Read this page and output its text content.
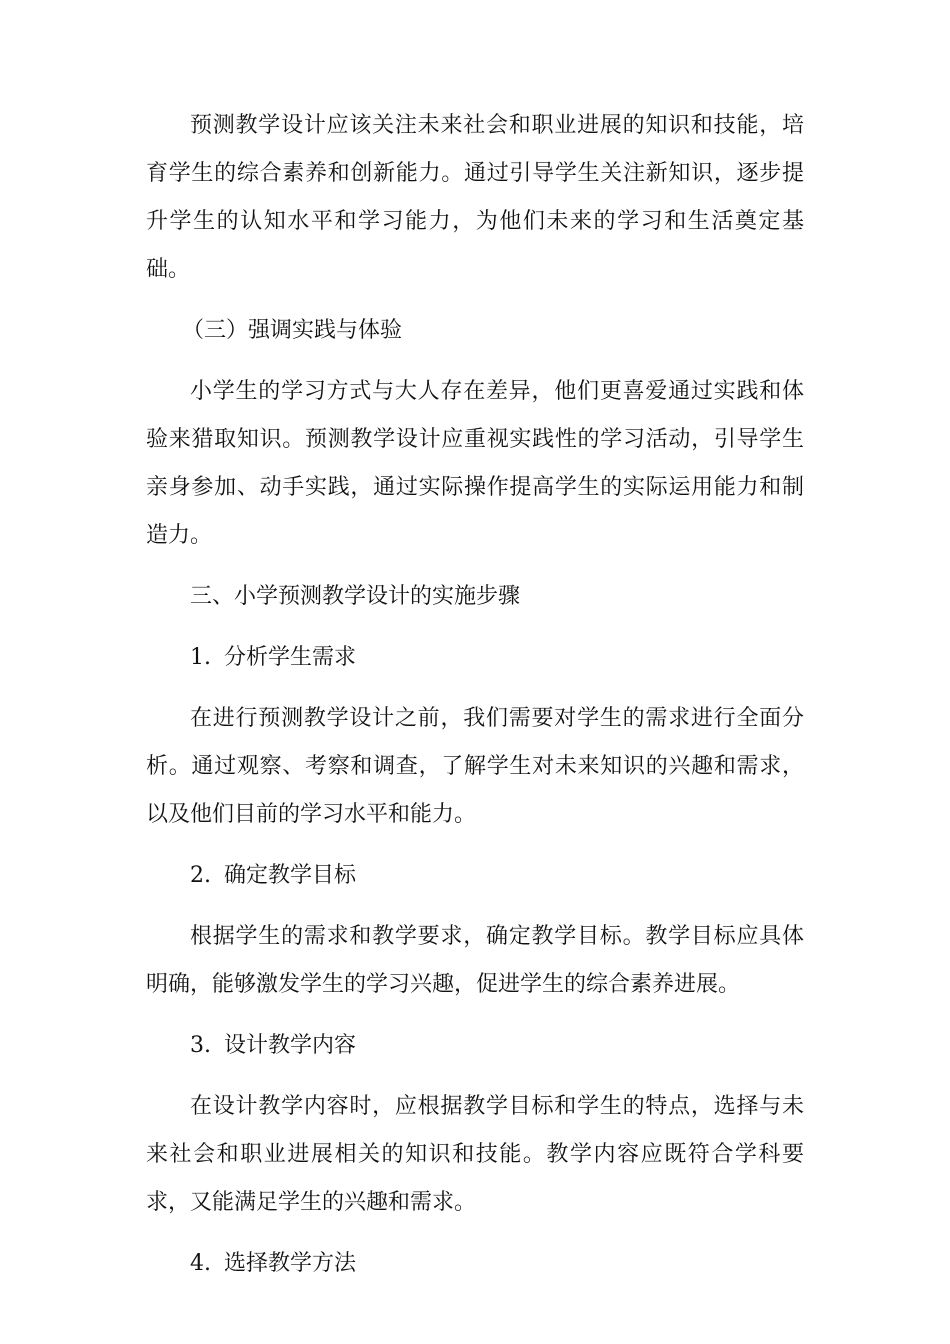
预测教学设计应该关注未来社会和职业进展的知识和技能，培育学生的综合素养和创新能力。通过引导学生关注新知识，逐步提升学生的认知水平和学习能力，为他们未来的学习和生活奠定基础。

（三）强调实践与体验

小学生的学习方式与大人存在差异，他们更喜爱通过实践和体验来猎取知识。预测教学设计应重视实践性的学习活动，引导学生亲身参加、动手实践，通过实际操作提高学生的实际运用能力和制造力。

三、小学预测教学设计的实施步骤

1. 分析学生需求

在进行预测教学设计之前，我们需要对学生的需求进行全面分析。通过观察、考察和调查，了解学生对未来知识的兴趣和需求，以及他们目前的学习水平和能力。

2. 确定教学目标

根据学生的需求和教学要求，确定教学目标。教学目标应具体明确，能够激发学生的学习兴趣，促进学生的综合素养进展。

3. 设计教学内容

在设计教学内容时，应根据教学目标和学生的特点，选择与未来社会和职业进展相关的知识和技能。教学内容应既符合学科要求，又能满足学生的兴趣和需求。

4. 选择教学方法
